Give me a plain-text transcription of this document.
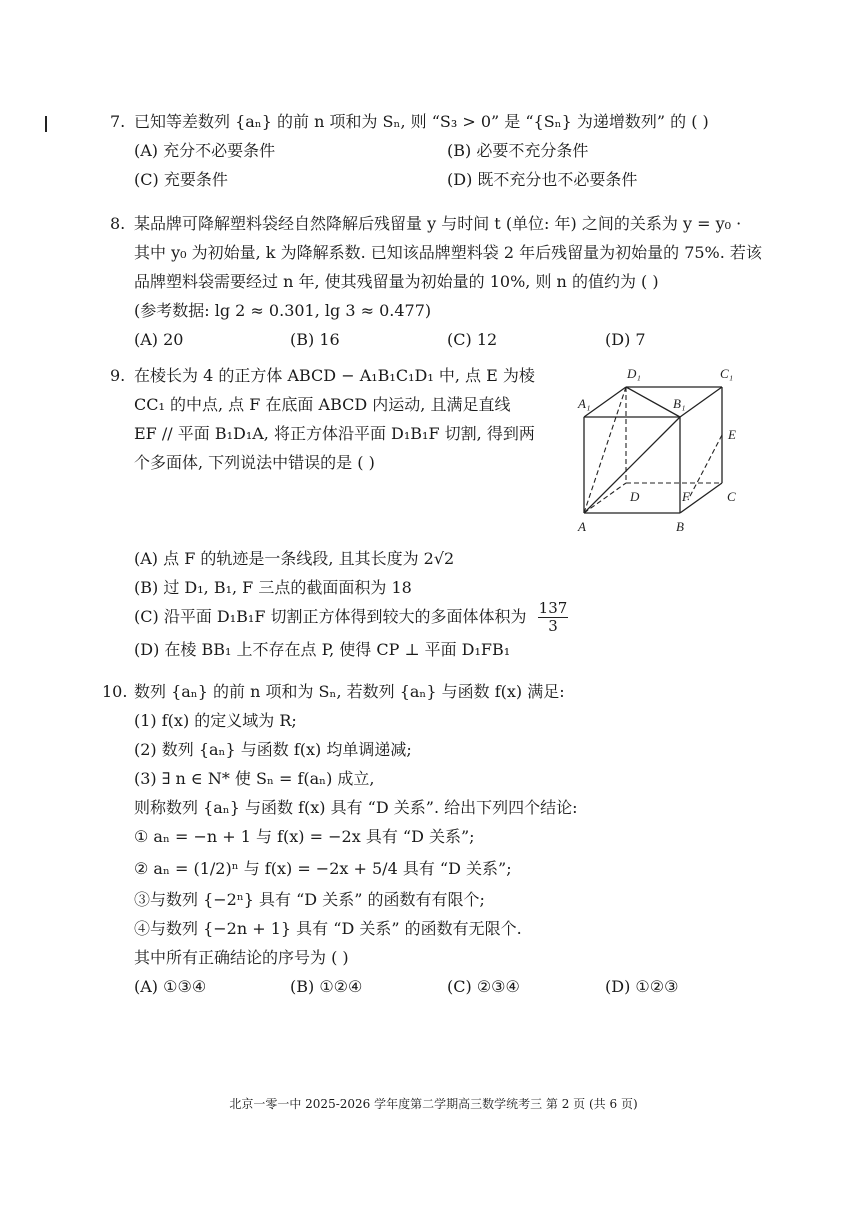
7. 已知等差数列 {aₙ} 的前 n 项和为 Sₙ, 则 “S₃ > 0” 是 “{Sₙ} 为递增数列” 的 ( )
(A) 充分不必要条件	(B) 必要不充分条件
(C) 充要条件	(D) 既不充分也不必要条件
8. 某品牌可降解塑料袋经自然降解后残留量 y 与时间 t (单位: 年) 之间的关系为 y = y₀ ·
其中 y₀ 为初始量, k 为降解系数. 已知该品牌塑料袋 2 年后残留量为初始量的 75%. 若该
品牌塑料袋需要经过 n 年, 使其残留量为初始量的 10%, 则 n 的值约为 ( )
(参考数据: lg 2 ≈ 0.301, lg 3 ≈ 0.477)
(A) 20	(B) 16	(C) 12	(D) 7
9. 在棱长为 4 的正方体 ABCD − A₁B₁C₁D₁ 中, 点 E 为棱
CC₁ 的中点, 点 F 在底面 ABCD 内运动, 且满足直线
EF // 平面 B₁D₁A, 将正方体沿平面 D₁B₁F 切割, 得到两
个多面体, 下列说法中错误的是 ( )
D₁	C₁
A₁	B₁
E
D	F	C
A	B
(A) 点 F 的轨迹是一条线段, 且其长度为 2√2
(B) 过 D₁, B₁, F 三点的截面面积为 18
(C) 沿平面 D₁B₁F 切割正方体得到较大的多面体体积为 $\frac{137}{3}$
(D) 在棱 BB₁ 上不存在点 P, 使得 CP ⊥ 平面 D₁FB₁
10. 数列 {aₙ} 的前 n 项和为 Sₙ, 若数列 {aₙ} 与函数 f(x) 满足:
(1) f(x) 的定义域为 R;
(2) 数列 {aₙ} 与函数 f(x) 均单调递减;
(3) ∃ n ∈ N* 使 Sₙ = f(aₙ) 成立,
则称数列 {aₙ} 与函数 f(x) 具有 “D 关系”. 给出下列四个结论:
① aₙ = −n + 1 与 f(x) = −2x 具有 “D 关系”;
② aₙ = (1/2)ⁿ 与 f(x) = −2x + 5/4 具有 “D 关系”;
③与数列 {−2ⁿ} 具有 “D 关系” 的函数有有限个;
④与数列 {−2n + 1} 具有 “D 关系” 的函数有无限个.
其中所有正确结论的序号为 ( )
(A) ①③④	(B) ①②④	(C) ②③④	(D) ①②③
北京一零一中 2025-2026 学年度第二学期高三数学统考三 第 2 页 (共 6 页)
